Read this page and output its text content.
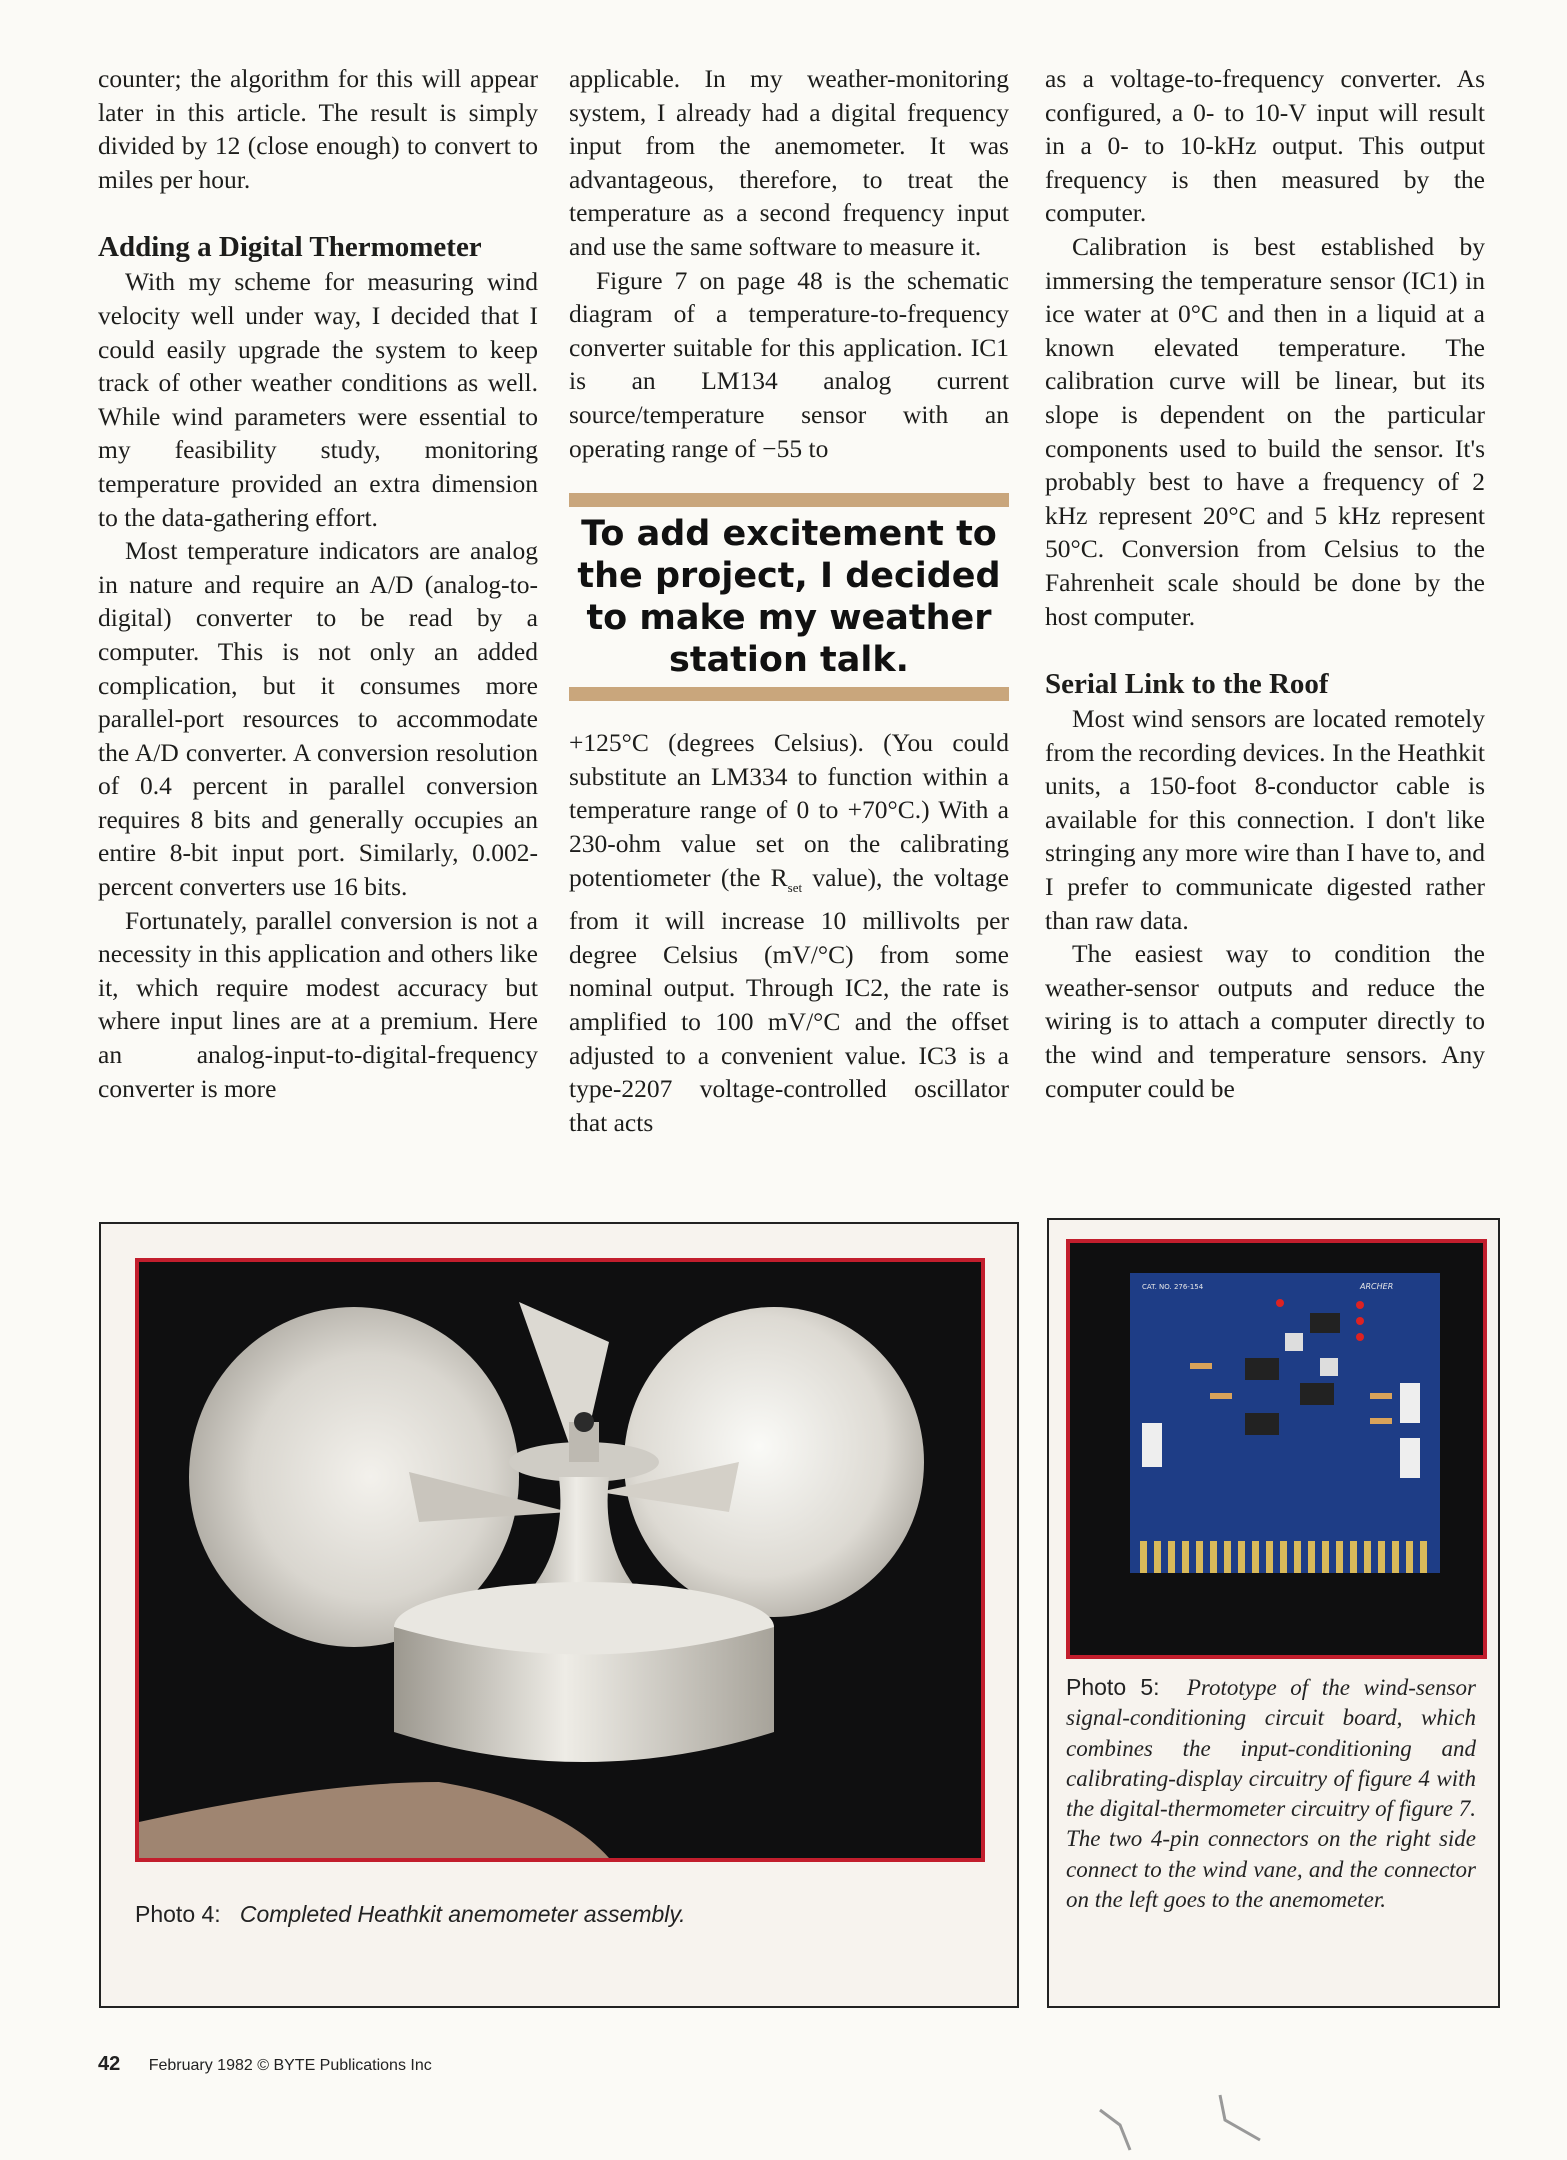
counter; the algorithm for this will appear later in this article. The result is simply divided by 12 (close enough) to convert to miles per hour.

Adding a Digital Thermometer

With my scheme for measuring wind velocity well under way, I decided that I could easily upgrade the system to keep track of other weather conditions as well. While wind parameters were essential to my feasibility study, monitoring temperature provided an extra dimension to the data-gathering effort.

Most temperature indicators are analog in nature and require an A/D (analog-to-digital) converter to be read by a computer. This is not only an added complication, but it consumes more parallel-port resources to accommodate the A/D converter. A conversion resolution of 0.4 percent in parallel conversion requires 8 bits and generally occupies an entire 8-bit input port. Similarly, 0.002-percent converters use 16 bits.

Fortunately, parallel conversion is not a necessity in this application and others like it, which require modest accuracy but where input lines are at a premium. Here an analog-input-to-digital-frequency converter is more

applicable. In my weather-monitoring system, I already had a digital frequency input from the anemometer. It was advantageous, therefore, to treat the temperature as a second frequency input and use the same software to measure it.

Figure 7 on page 48 is the schematic diagram of a temperature-to-frequency converter suitable for this application. IC1 is an LM134 analog current source/temperature sensor with an operating range of −55 to

To add excitement to
the project, I decided
to make my weather
station talk.

+125°C (degrees Celsius). (You could substitute an LM334 to function within a temperature range of 0 to +70°C.) With a 230-ohm value set on the calibrating potentiometer (the $R_{set}$ value), the voltage from it will increase 10 millivolts per degree Celsius (mV/°C) from some nominal output. Through IC2, the rate is amplified to 100 mV/°C and the offset adjusted to a convenient value. IC3 is a type-2207 voltage-controlled oscillator that acts

as a voltage-to-frequency converter. As configured, a 0- to 10-V input will result in a 0- to 10-kHz output. This output frequency is then measured by the computer.

Calibration is best established by immersing the temperature sensor (IC1) in ice water at 0°C and then in a liquid at a known elevated temperature. The calibration curve will be linear, but its slope is dependent on the particular components used to build the sensor. It's probably best to have a frequency of 2 kHz represent 20°C and 5 kHz represent 50°C. Conversion from Celsius to the Fahrenheit scale should be done by the host computer.

Serial Link to the Roof

Most wind sensors are located remotely from the recording devices. In the Heathkit units, a 150-foot 8-conductor cable is available for this connection. I don't like stringing any more wire than I have to, and I prefer to communicate digested rather than raw data.

The easiest way to condition the weather-sensor outputs and reduce the wiring is to attach a computer directly to the wind and temperature sensors. Any computer could be

Photo 4: Completed Heathkit anemometer assembly.
CAT. NO. 276-154	ARCHER
Photo 5: Prototype of the wind-sensor signal-conditioning circuit board, which combines the input-conditioning and calibrating-display circuitry of figure 4 with the digital-thermometer circuitry of figure 7. The two 4-pin connectors on the right side connect to the wind vane, and the connector on the left goes to the anemometer.
42 February 1982 © BYTE Publications Inc
